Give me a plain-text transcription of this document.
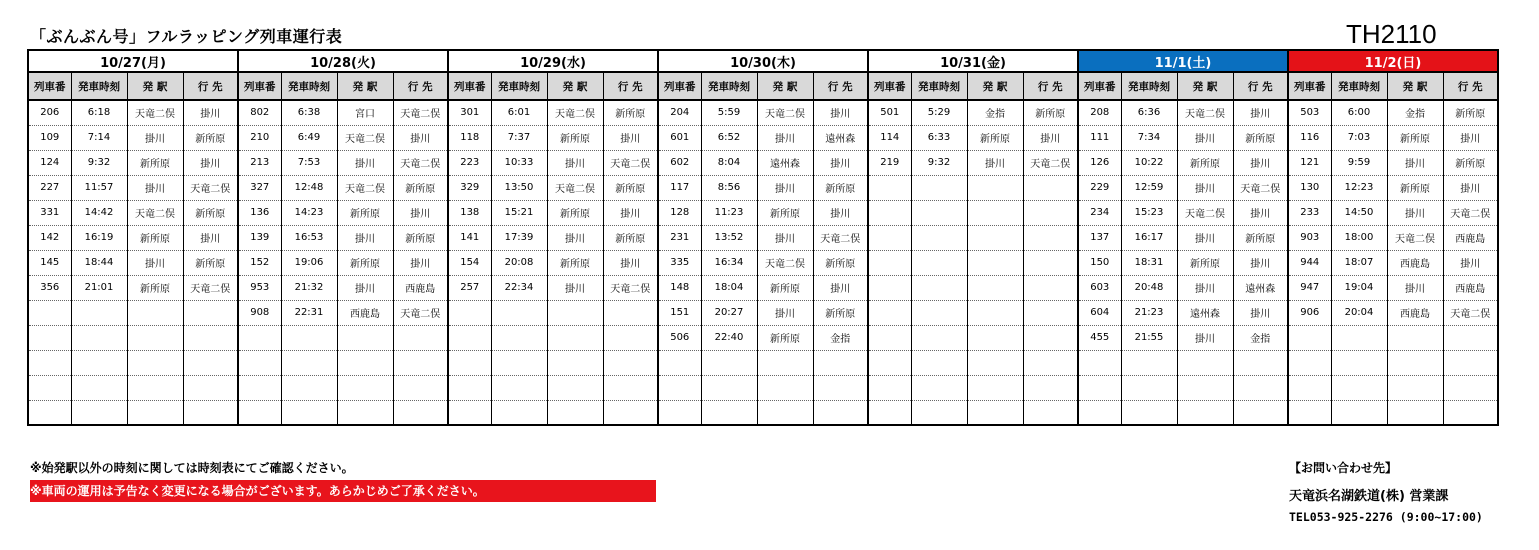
「ぶんぶん号」フルラッピング列車運行表	TH2110
10/27(月)				10/28(火)				10/29(水)				10/30(木)				10/31(金)				11/1(土)				11/2(日)			
列車番	発車時刻	発 駅	行 先	列車番	発車時刻	発 駅	行 先	列車番	発車時刻	発 駅	行 先	列車番	発車時刻	発 駅	行 先	列車番	発車時刻	発 駅	行 先	列車番	発車時刻	発 駅	行 先	列車番	発車時刻	発 駅	行 先
206	6:18	天竜二俣	掛川	802	6:38	宮口	天竜二俣	301	6:01	天竜二俣	新所原	204	5:59	天竜二俣	掛川	501	5:29	金指	新所原	208	6:36	天竜二俣	掛川	503	6:00	金指	新所原
109	7:14	掛川	新所原	210	6:49	天竜二俣	掛川	118	7:37	新所原	掛川	601	6:52	掛川	遠州森	114	6:33	新所原	掛川	111	7:34	掛川	新所原	116	7:03	新所原	掛川
124	9:32	新所原	掛川	213	7:53	掛川	天竜二俣	223	10:33	掛川	天竜二俣	602	8:04	遠州森	掛川	219	9:32	掛川	天竜二俣	126	10:22	新所原	掛川	121	9:59	掛川	新所原
227	11:57	掛川	天竜二俣	327	12:48	天竜二俣	新所原	329	13:50	天竜二俣	新所原	117	8:56	掛川	新所原					229	12:59	掛川	天竜二俣	130	12:23	新所原	掛川
331	14:42	天竜二俣	新所原	136	14:23	新所原	掛川	138	15:21	新所原	掛川	128	11:23	新所原	掛川					234	15:23	天竜二俣	掛川	233	14:50	掛川	天竜二俣
142	16:19	新所原	掛川	139	16:53	掛川	新所原	141	17:39	掛川	新所原	231	13:52	掛川	天竜二俣					137	16:17	掛川	新所原	903	18:00	天竜二俣	西鹿島
145	18:44	掛川	新所原	152	19:06	新所原	掛川	154	20:08	新所原	掛川	335	16:34	天竜二俣	新所原					150	18:31	新所原	掛川	944	18:07	西鹿島	掛川
356	21:01	新所原	天竜二俣	953	21:32	掛川	西鹿島	257	22:34	掛川	天竜二俣	148	18:04	新所原	掛川					603	20:48	掛川	遠州森	947	19:04	掛川	西鹿島
				908	22:31	西鹿島	天竜二俣					151	20:27	掛川	新所原					604	21:23	遠州森	掛川	906	20:04	西鹿島	天竜二俣
												506	22:40	新所原	金指					455	21:55	掛川	金指				

※始発駅以外の時刻に関しては時刻表にてご確認ください。
※車両の運用は予告なく変更になる場合がございます。あらかじめご了承ください。
【お問い合わせ先】
天竜浜名湖鉄道(株) 営業課
TEL053-925-2276 (9:00~17:00)
